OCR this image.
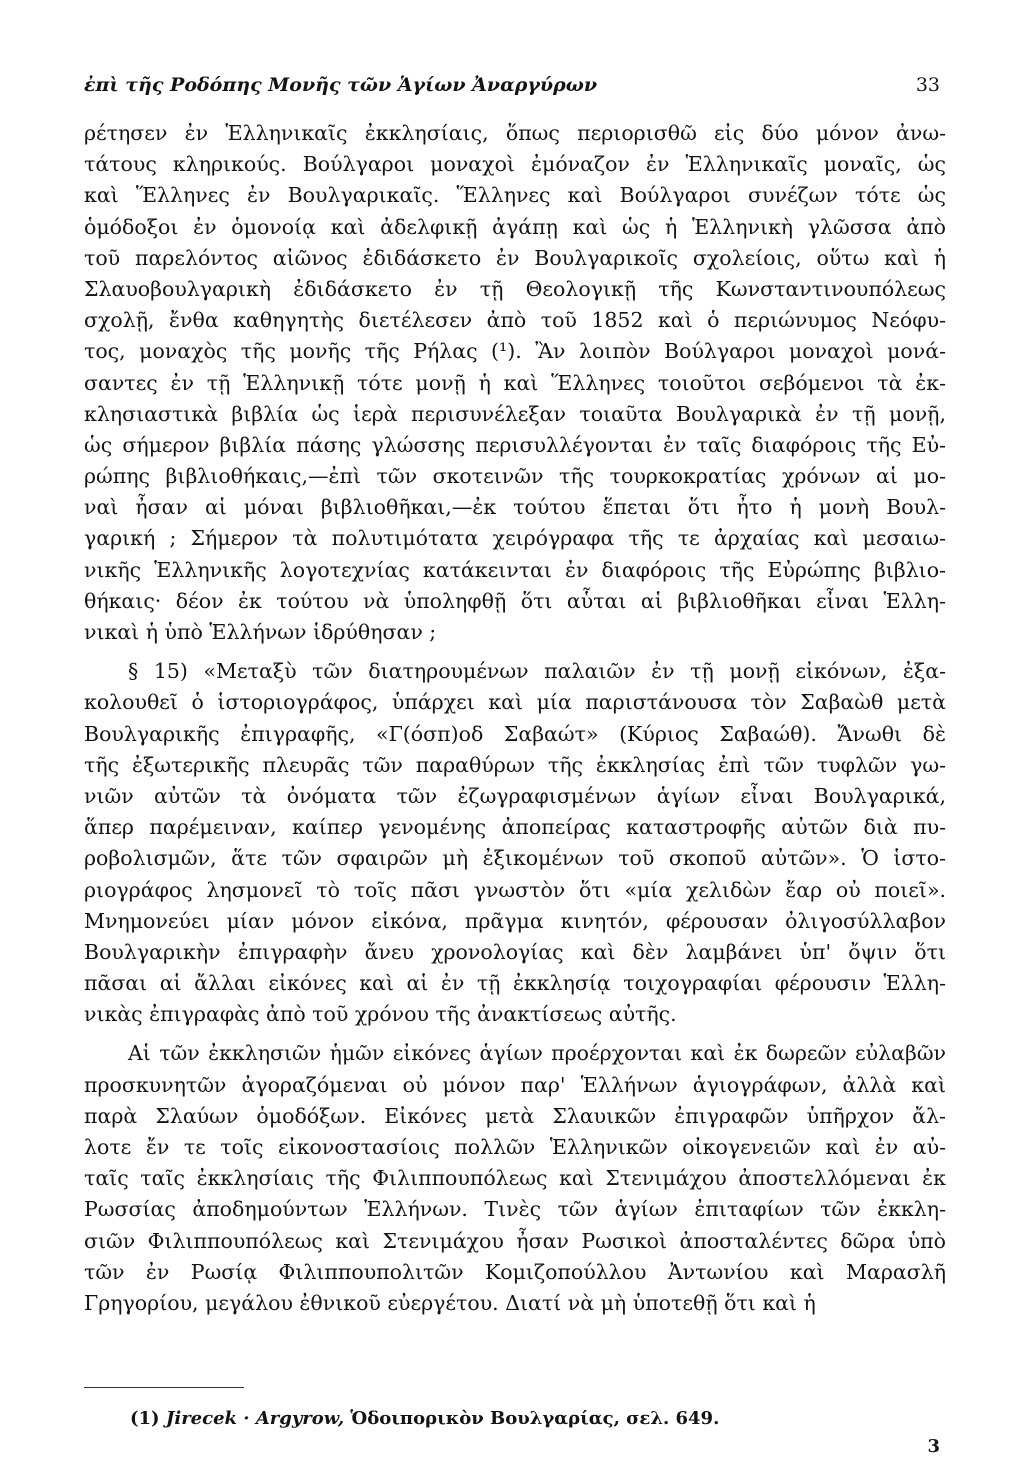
ἐπὶ τῆς Ροδόπης Μονῆς τῶν Ἁγίων Ἀναργύρων	33
ρέτησεν ἐν Ἑλληνικαῖς ἐκκλησίαις, ὅπως περιορισθῶ εἰς δύο μόνον ἀνω-
τάτους κληρικούς. Βούλγαροι μοναχοὶ ἐμόναζον ἐν Ἑλληνικαῖς μοναῖς, ὡς
καὶ Ἕλληνες ἐν Βουλγαρικαῖς. Ἕλληνες καὶ Βούλγαροι συνέζων τότε ὡς
ὁμόδοξοι ἐν ὁμονοίᾳ καὶ ἀδελφικῇ ἀγάπῃ καὶ ὡς ἡ Ἑλληνικὴ γλῶσσα ἀπὸ
τοῦ παρελόντος αἰῶνος ἐδιδάσκετο ἐν Βουλγαρικοῖς σχολείοις, οὕτω καὶ ἡ
Σλαυοβουλγαρικὴ ἐδιδάσκετο ἐν τῇ Θεολογικῇ τῆς Κωνσταντινουπόλεως
σχολῇ, ἔνθα καθηγητὴς διετέλεσεν ἀπὸ τοῦ 1852 καὶ ὁ περιώνυμος Νεόφυ-
τος, μοναχὸς τῆς μονῆς τῆς Ρήλας (¹). Ἂν λοιπὸν Βούλγαροι μοναχοὶ μονά-
σαντες ἐν τῇ Ἑλληνικῇ τότε μονῇ ἡ καὶ Ἕλληνες τοιοῦτοι σεβόμενοι τὰ ἐκ-
κλησιαστικὰ βιβλία ὡς ἱερὰ περισυνέλεξαν τοιαῦτα Βουλγαρικὰ ἐν τῇ μονῇ,
ὡς σήμερον βιβλία πάσης γλώσσης περισυλλέγονται ἐν ταῖς διαφόροις τῆς Εὐ-
ρώπης βιβλιοθήκαις,—ἐπὶ τῶν σκοτεινῶν τῆς τουρκοκρατίας χρόνων αἱ μο-
ναὶ ἦσαν αἱ μόναι βιβλιοθῆκαι,—ἐκ τούτου ἕπεται ὅτι ἦτο ἡ μονὴ Βουλ-
γαρική ; Σήμερον τὰ πολυτιμότατα χειρόγραφα τῆς τε ἀρχαίας καὶ μεσαιω-
νικῆς Ἑλληνικῆς λογοτεχνίας κατάκεινται ἐν διαφόροις τῆς Εὐρώπης βιβλιο-
θήκαις· δέον ἐκ τούτου νὰ ὑποληφθῇ ὅτι αὗται αἱ βιβλιοθῆκαι εἶναι Ἑλλη-
νικαὶ ἡ ὑπὸ Ἑλλήνων ἱδρύθησαν ;
§ 15) «Μεταξὺ τῶν διατηρουμένων παλαιῶν ἐν τῇ μονῇ εἰκόνων, ἐξα-
κολουθεῖ ὁ ἱστοριογράφος, ὑπάρχει καὶ μία παριστάνουσα τὸν Σαβαὼθ μετὰ
Βουλγαρικῆς ἐπιγραφῆς, «Γ(όσπ)οδ Σαβαώτ» (Κύριος Σαβαώθ). Ἄνωθι δὲ
τῆς ἐξωτερικῆς πλευρᾶς τῶν παραθύρων τῆς ἐκκλησίας ἐπὶ τῶν τυφλῶν γω-
νιῶν αὐτῶν τὰ ὀνόματα τῶν ἐζωγραφισμένων ἁγίων εἶναι Βουλγαρικά,
ἅπερ παρέμειναν, καίπερ γενομένης ἀποπείρας καταστροφῆς αὐτῶν διὰ πυ-
ροβολισμῶν, ἅτε τῶν σφαιρῶν μὴ ἐξικομένων τοῦ σκοποῦ αὐτῶν». Ὁ ἱστο-
ριογράφος λησμονεῖ τὸ τοῖς πᾶσι γνωστὸν ὅτι «μία χελιδὼν ἔαρ οὐ ποιεῖ».
Μνημονεύει μίαν μόνον εἰκόνα, πρᾶγμα κινητόν, φέρουσαν ὀλιγοσύλλαβον
Βουλγαρικὴν ἐπιγραφὴν ἄνευ χρονολογίας καὶ δὲν λαμβάνει ὑπ' ὄψιν ὅτι
πᾶσαι αἱ ἄλλαι εἰκόνες καὶ αἱ ἐν τῇ ἐκκλησίᾳ τοιχογραφίαι φέρουσιν Ἑλλη-
νικὰς ἐπιγραφὰς ἀπὸ τοῦ χρόνου τῆς ἀνακτίσεως αὐτῆς.
Αἱ τῶν ἐκκλησιῶν ἡμῶν εἰκόνες ἁγίων προέρχονται καὶ ἐκ δωρεῶν εὐλαβῶν
προσκυνητῶν ἀγοραζόμεναι οὐ μόνον παρ' Ἑλλήνων ἁγιογράφων, ἀλλὰ καὶ
παρὰ Σλαύων ὁμοδόξων. Εἰκόνες μετὰ Σλαυικῶν ἐπιγραφῶν ὑπῆρχον ἄλ-
λοτε ἔν τε τοῖς εἰκονοστασίοις πολλῶν Ἑλληνικῶν οἰκογενειῶν καὶ ἐν αὐ-
ταῖς ταῖς ἐκκλησίαις τῆς Φιλιππουπόλεως καὶ Στενιμάχου ἀποστελλόμεναι ἐκ
Ρωσσίας ἀποδημούντων Ἑλλήνων. Τινὲς τῶν ἁγίων ἐπιταφίων τῶν ἐκκλη-
σιῶν Φιλιππουπόλεως καὶ Στενιμάχου ἦσαν Ρωσικοὶ ἀποσταλέντες δῶρα ὑπὸ
τῶν ἐν Ρωσίᾳ Φιλιππουπολιτῶν Κομιζοπούλλου Ἀντωνίου καὶ Μαρασλῆ
Γρηγορίου, μεγάλου ἐθνικοῦ εὐεργέτου. Διατί νὰ μὴ ὑποτεθῇ ὅτι καὶ ἡ
(1) Jirecek · Argyrow, Ὁδοιπορικὸν Βουλγαρίας, σελ. 649.
3
